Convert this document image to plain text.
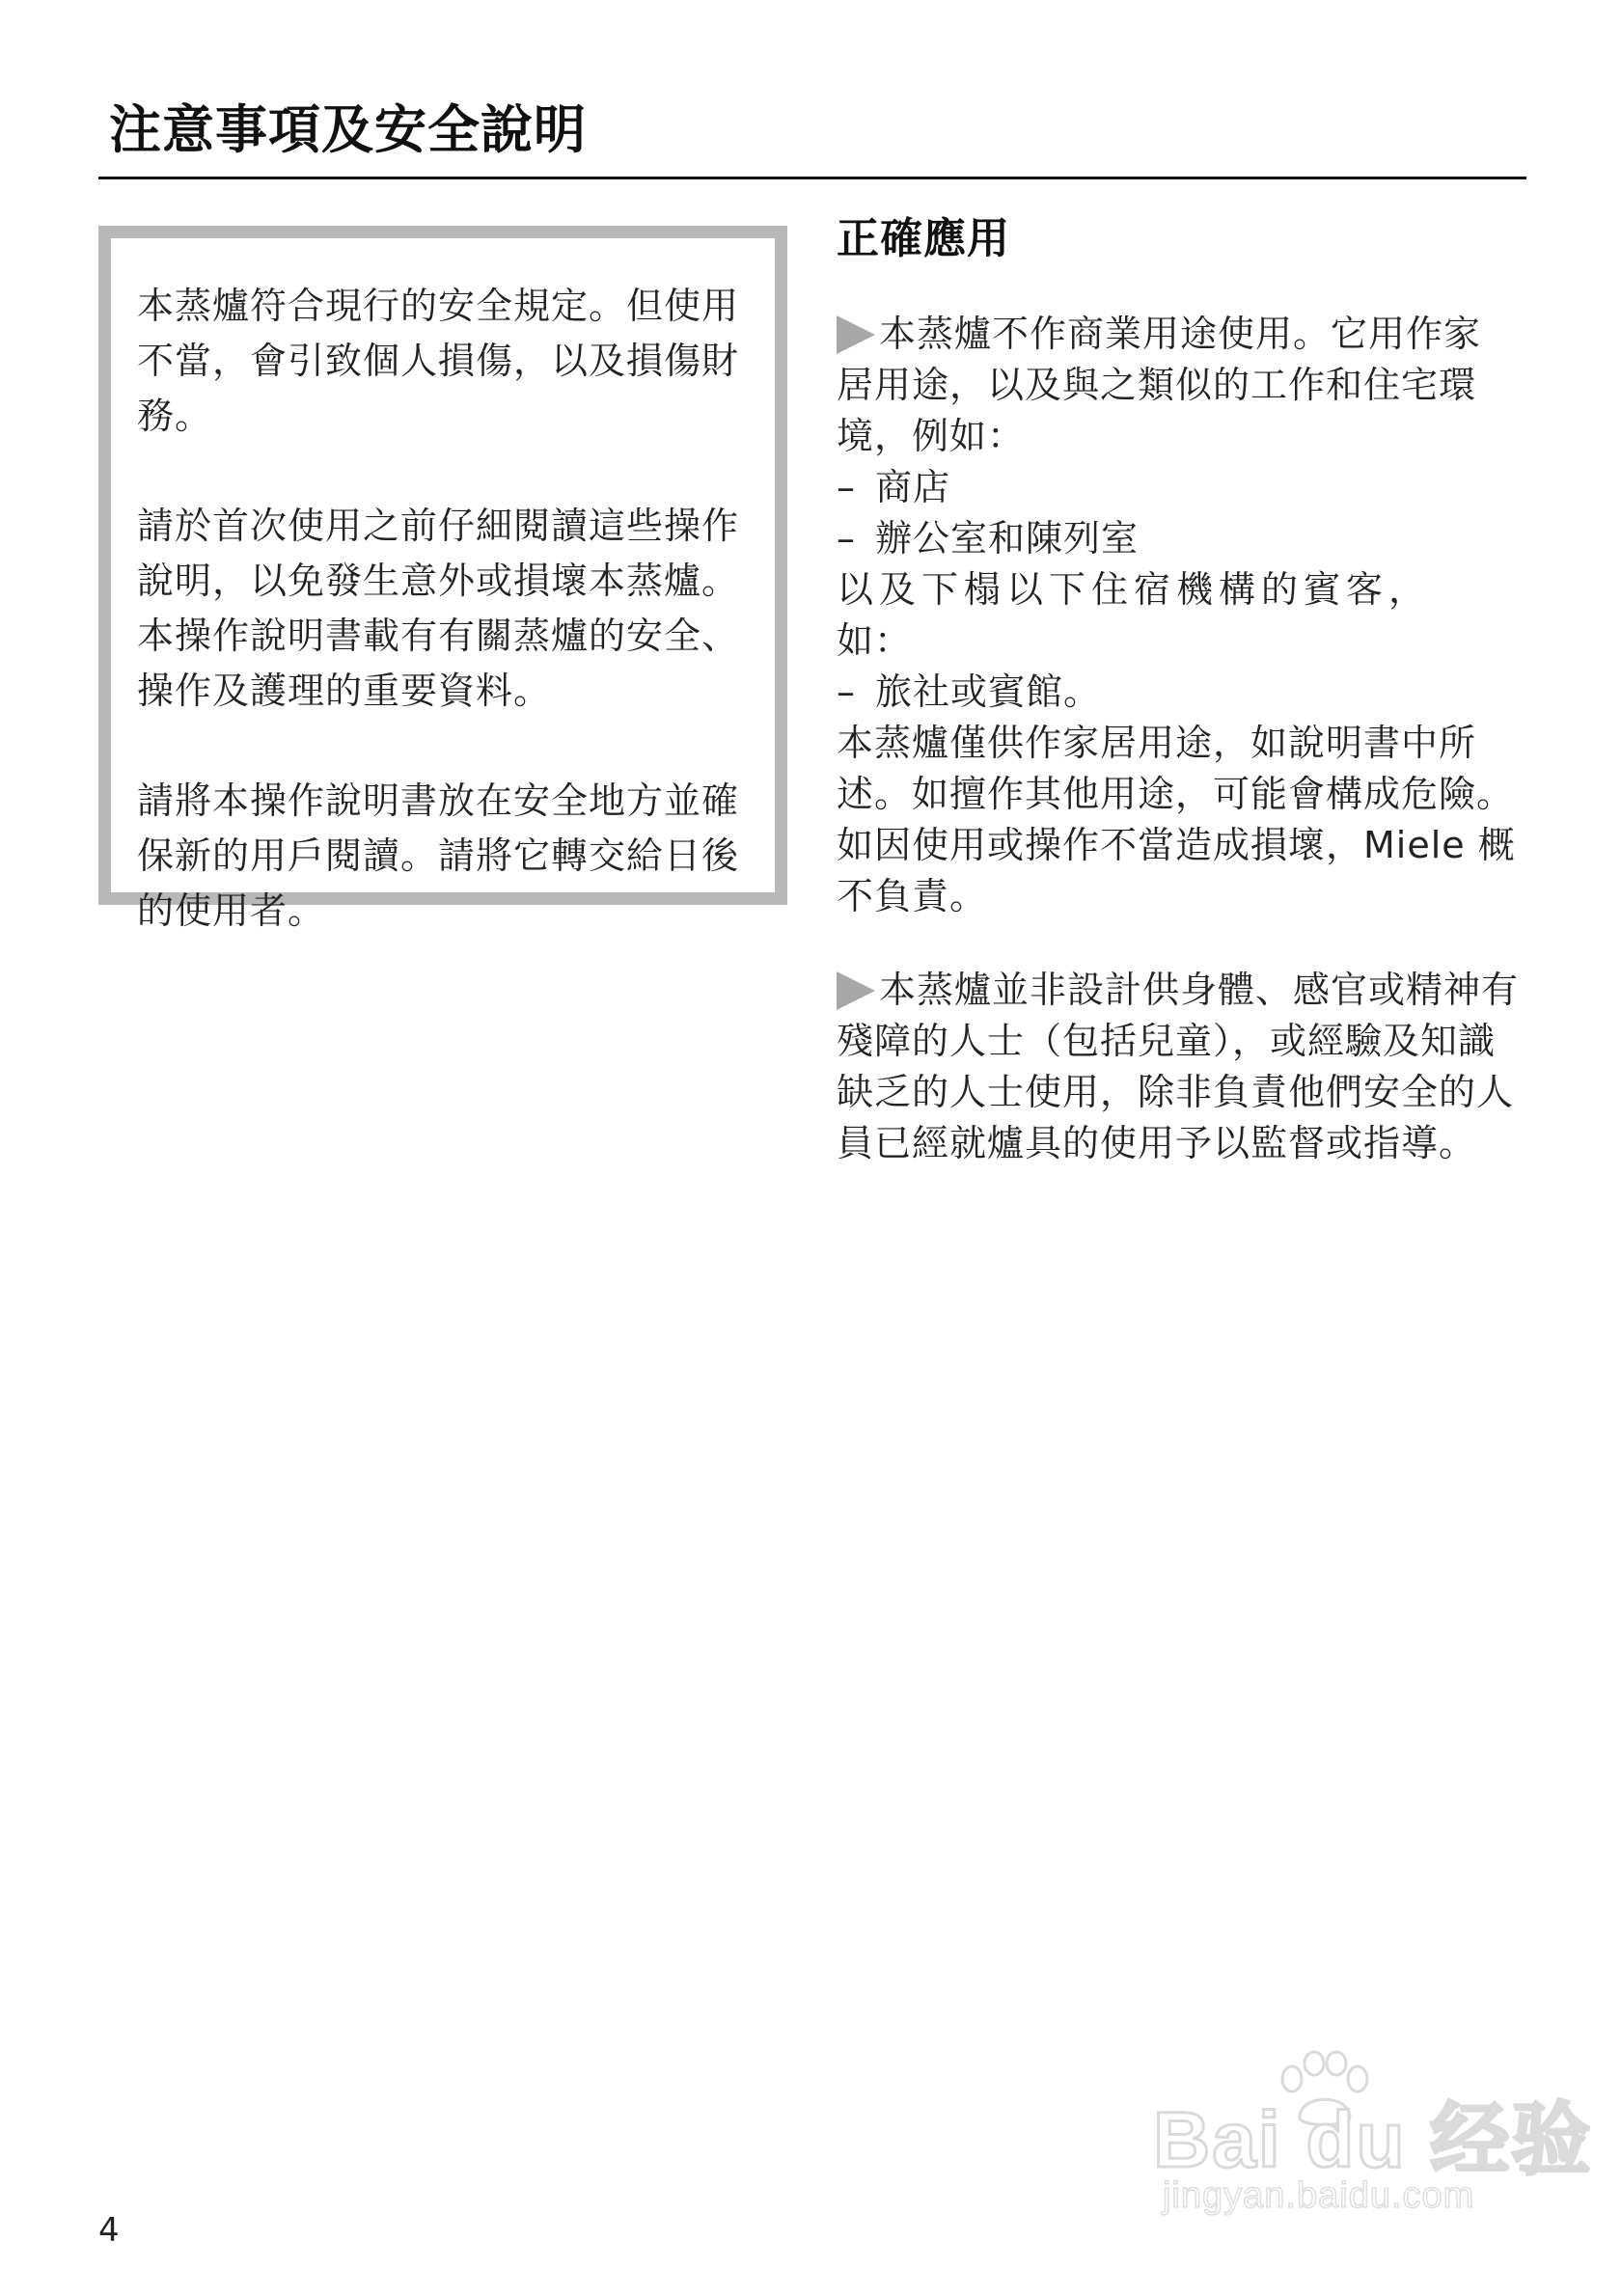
注意事項及安全說明

本蒸爐符合現行的安全規定。但使用
不當，會引致個人損傷，以及損傷財
務。

請於首次使用之前仔細閱讀這些操作
說明，以免發生意外或損壞本蒸爐。
本操作說明書載有有關蒸爐的安全、
操作及護理的重要資料。

請將本操作說明書放在安全地方並確
保新的用戶閱讀。請將它轉交給日後
的使用者。

正確應用
本蒸爐不作商業用途使用。它用作家
居用途，以及與之類似的工作和住宅環
境，例如：
– 商店
– 辦公室和陳列室
以及下榻以下住宿機構的賓客，
如：
– 旅社或賓館。
本蒸爐僅供作家居用途，如說明書中所
述。如擅作其他用途，可能會構成危險。
如因使用或操作不當造成損壞，Miele 概
不負責。
本蒸爐並非設計供身體、感官或精神有
殘障的人士（包括兒童），或經驗及知識
缺乏的人士使用，除非負責他們安全的人
員已經就爐具的使用予以監督或指導。
4
Bai du 经验
jingyan.baidu.com
